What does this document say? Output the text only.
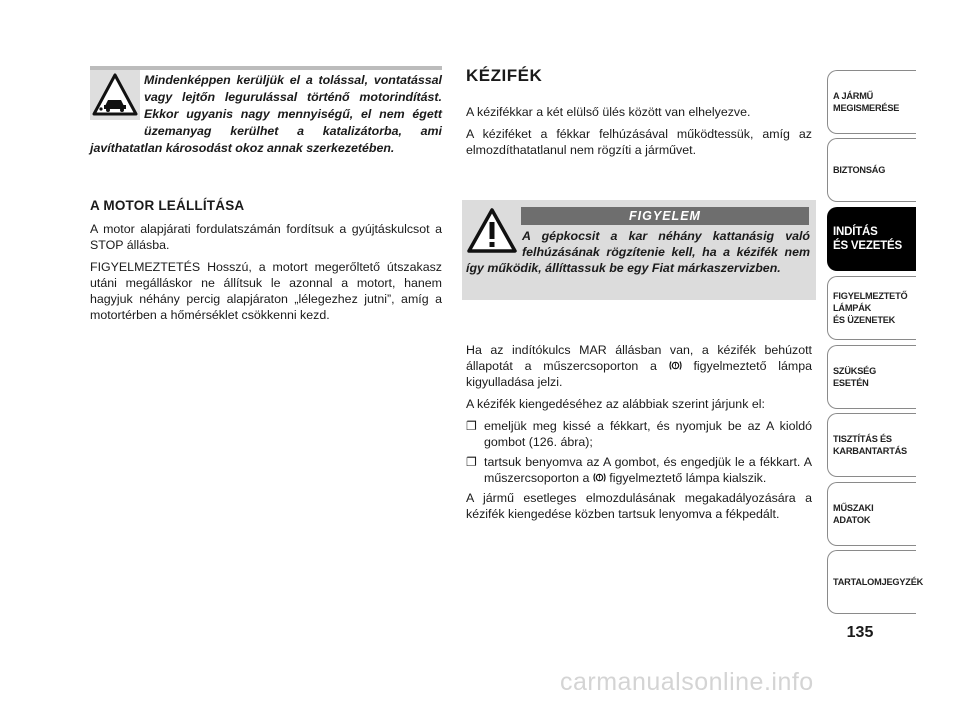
Mindenképpen kerüljük el a tolással, vontatással vagy lejtőn leguruIással történő motorindítást. Ekkor ugyanis nagy mennyiségű, el nem égett üzemanyag kerülhet a katalizátorba, ami javíthatatlan károsodást okoz annak szerkezetében.
A MOTOR LEÁLLÍTÁSA

A motor alapjárati fordulatszámán fordítsuk a gyújtáskulcsot a STOP állásba.

FIGYELMEZTETÉS Hosszú, a motort megerőltető útszakasz utáni megálláskor ne állítsuk le azonnal a motort, hanem hagyjuk néhány percig alapjáraton „lélegezhez jutni”, amíg a motortérben a hőmérséklet csökkenni kezd.

KÉZIFÉK

A kézifékkar a két elülső ülés között van elhelyezve.

A kéziféket a fékkar felhúzásával működtessük, amíg az elmozdíthatatlanul nem rögzíti a járművet.

FIGYELEM
A gépkocsit a kar néhány kattanásig való felhúzásának rögzítenie kell, ha a kézifék nem így működik, állíttassuk be egy Fiat márkaszervizben.

Ha az indítókulcs MAR állásban van, a kézifék behúzott állapotát a műszercsoporton a	figyelmeztető lámpa kigyulladása jelzi.

A kézifék kiengedéséhez az alábbiak szerint járjunk el:

❐ emeljük meg kissé a fékkart, és nyomjuk be az A kioldó gombot (126. ábra);
❐ tartsuk benyomva az A gombot, és engedjük le a fékkart. A műszercsoporton a figyelmeztető lámpa kialszik.

A jármű esetleges elmozdulásának megakadályozására a kézifék kiengedése közben tartsuk lenyomva a fékpedált.

A JÁRMŰ
MEGISMERÉSE
BIZTONSÁG
INDÍTÁS
ÉS VEZETÉS
FIGYELMEZTETŐ
LÁMPÁK
ÉS ÜZENETEK
SZÜKSÉG
ESETÉN
TISZTÍTÁS ÉS
KARBANTARTÁS
MŰSZAKI
ADATOK
TARTALOMJEGYZÉK
135
carmanualsonline.info
